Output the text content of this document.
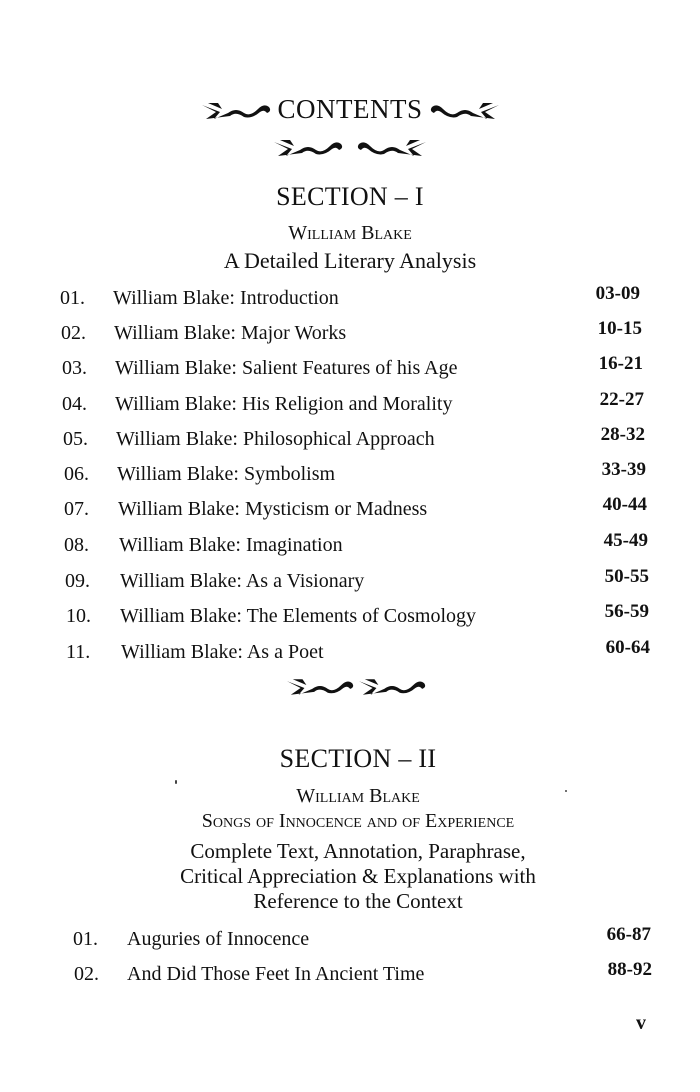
CONTENTS
SECTION – I
William Blake
A Detailed Literary Analysis
01. William Blake: Introduction	03-09
02. William Blake: Major Works	10-15
03. William Blake: Salient Features of his Age	16-21
04. William Blake: His Religion and Morality	22-27
05. William Blake: Philosophical Approach	28-32
06. William Blake: Symbolism	33-39
07. William Blake: Mysticism or Madness	40-44
08. William Blake: Imagination	45-49
09. William Blake: As a Visionary	50-55
10. William Blake: The Elements of Cosmology	56-59
11. William Blake: As a Poet	60-64
SECTION – II
William Blake
Songs of Innocence and of Experience
Complete Text, Annotation, Paraphrase,
Critical Appreciation & Explanations with
Reference to the Context
01. Auguries of Innocence	66-87
02. And Did Those Feet In Ancient Time	88-92
v
